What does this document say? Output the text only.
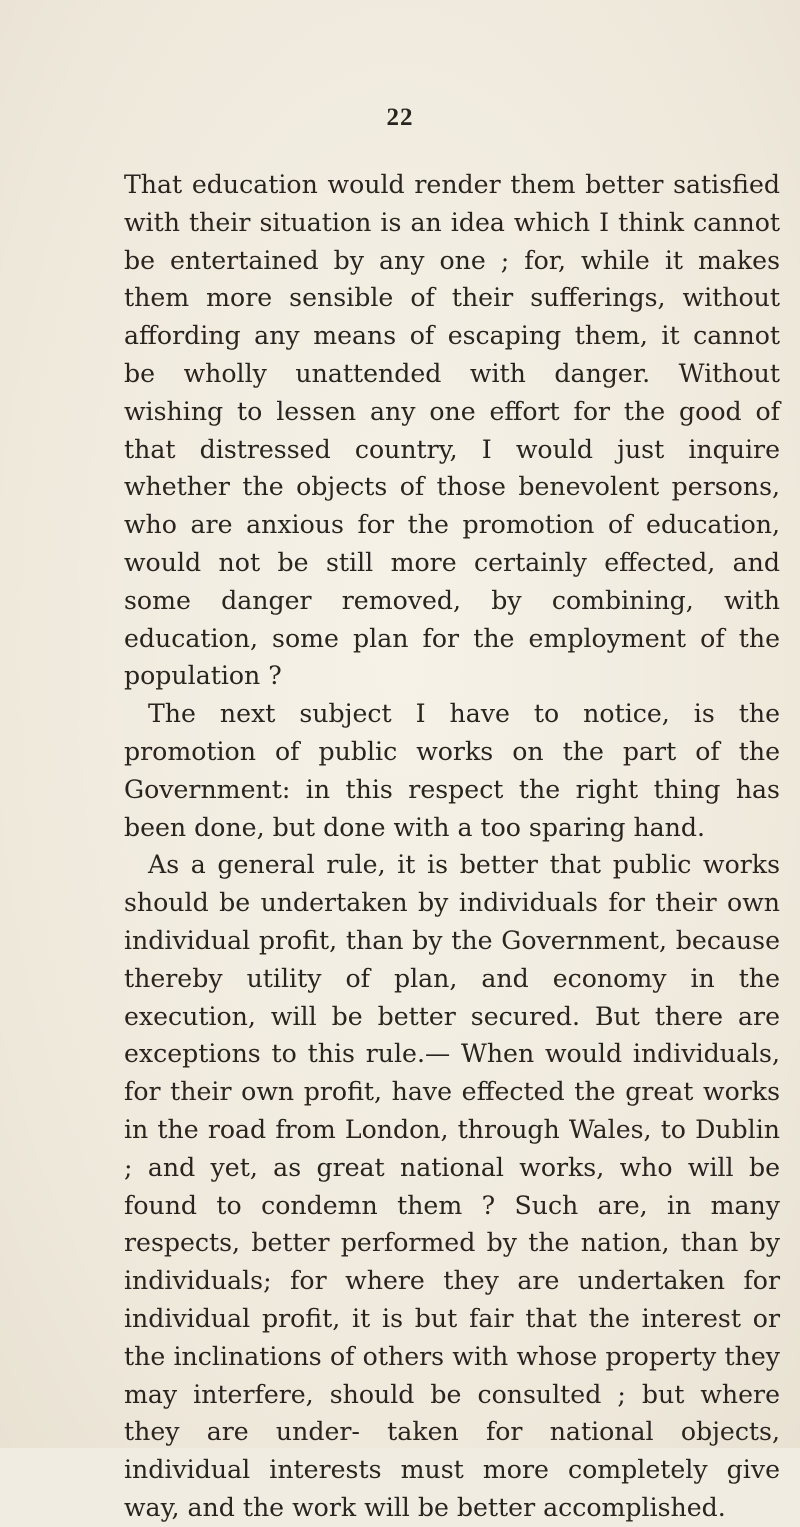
22

That education would render them better satisfied with their situation is an idea which I think cannot be entertained by any one ; for, while it makes them more sensible of their sufferings, without affording any means of escaping them, it cannot be wholly unattended with danger. Without wishing to lessen any one effort for the good of that distressed country, I would just inquire whether the objects of those benevolent persons, who are anxious for the promotion of education, would not be still more certainly effected, and some danger removed, by combining, with education, some plan for the employment of the population ?

The next subject I have to notice, is the promotion of public works on the part of the Government: in this respect the right thing has been done, but done with a too sparing hand.

As a general rule, it is better that public works should be undertaken by individuals for their own individual profit, than by the Government, because thereby utility of plan, and economy in the execution, will be better secured. But there are exceptions to this rule.— When would individuals, for their own profit, have effected the great works in the road from London, through Wales, to Dublin ; and yet, as great national works, who will be found to condemn them ? Such are, in many respects, better performed by the nation, than by individuals; for where they are undertaken for individual profit, it is but fair that the interest or the inclinations of others with whose property they may interfere, should be consulted ; but where they are under- taken for national objects, individual interests must more completely give way, and the work will be better accomplished.
